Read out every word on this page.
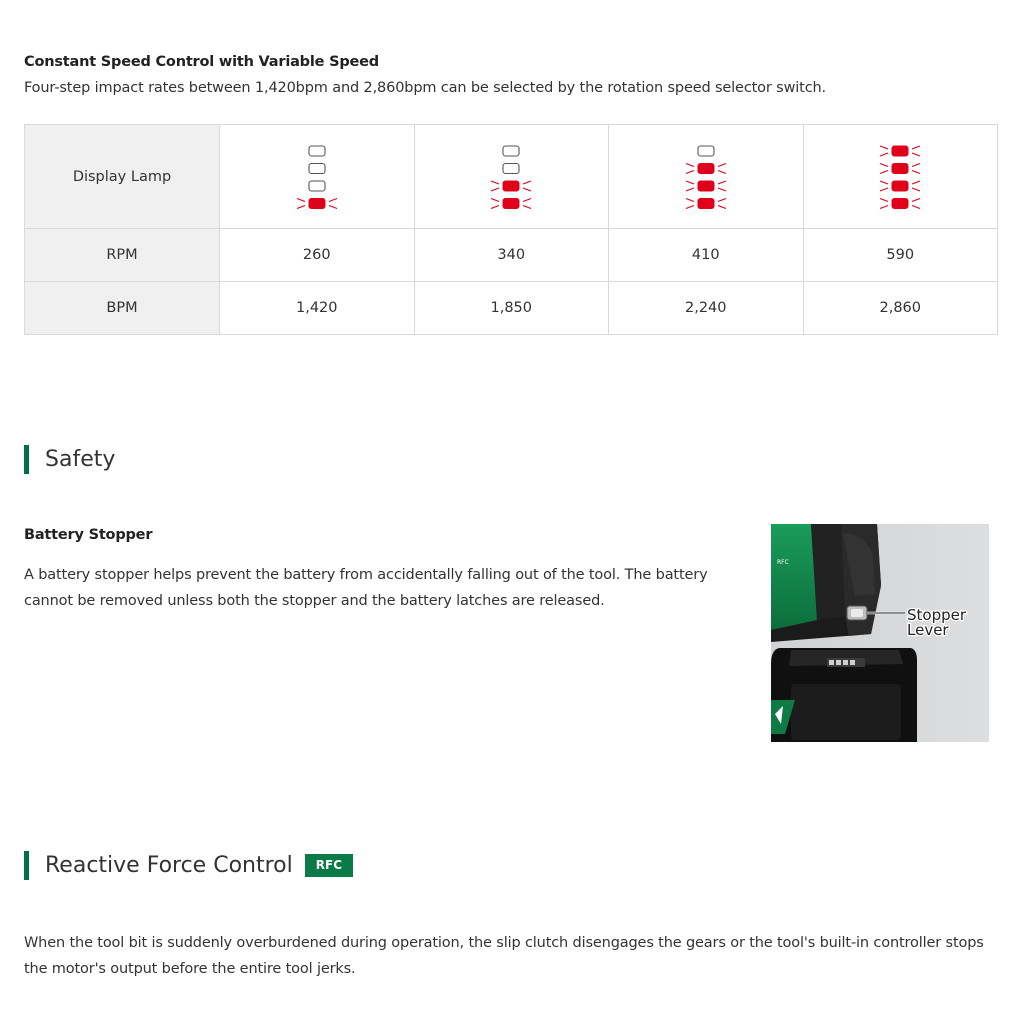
Constant Speed Control with Variable Speed
Four-step impact rates between 1,420bpm and 2,860bpm can be selected by the rotation speed selector switch.
Display Lamp	

RPM	260	340	410	590
BPM	1,420	1,850	2,240	2,860
Safety
Battery Stopper
A battery stopper helps prevent the battery from accidentally falling out of the tool. The battery cannot be removed unless both the stopper and the battery latches are released.
RFC
Stopper
Lever
Reactive Force Control	RFC
When the tool bit is suddenly overburdened during operation, the slip clutch disengages the gears or the tool's built-in controller stops the motor's output before the entire tool jerks.
